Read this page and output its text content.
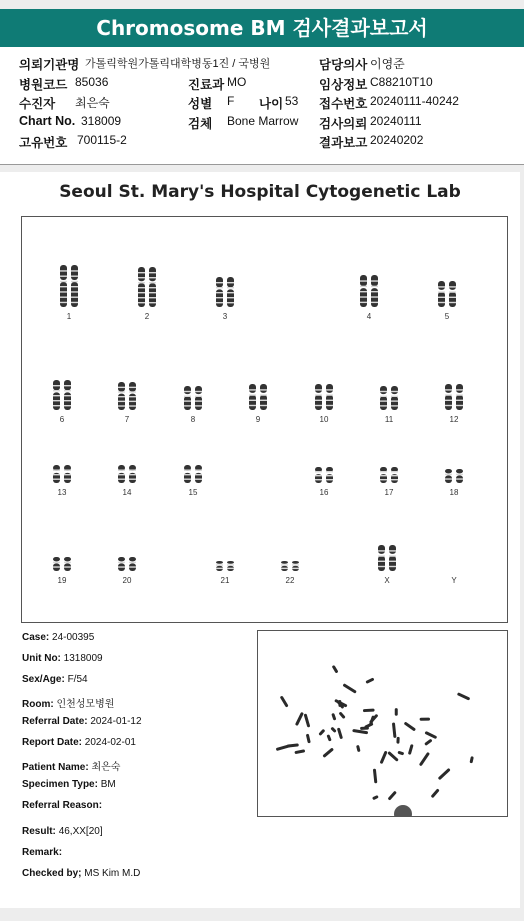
Chromosome BM 검사결과보고서
의뢰기관명 가톨릭학원가톨릭대학병동1진 / 국병원	담당의사 이영준
병원코드 85036	진료과 MO	임상정보 C88210T10
수진자 최은숙	성별 F 나이 53 접수번호 20240111-40242
Chart No. 318009	검체 Bone Marrow 검사의뢰 20240111
고유번호 700115-2	결과보고 20240202
Seoul St. Mary's Hospital Cytogenetic Lab
1	2	3	4	5
6	7	8	9	10	11	12
13	14	15	16	17	18
19	20	21	22	X	Y
Case: 24-00395
Unit No: 1318009
Sex/Age: F/54
Room: 인천성모병원
Referral Date: 2024-01-12
Report Date: 2024-02-01
Patient Name: 최은숙
Specimen Type: BM
Referral Reason:
Result: 46,XX[20]
Remark:
Checked by; MS Kim M.D
